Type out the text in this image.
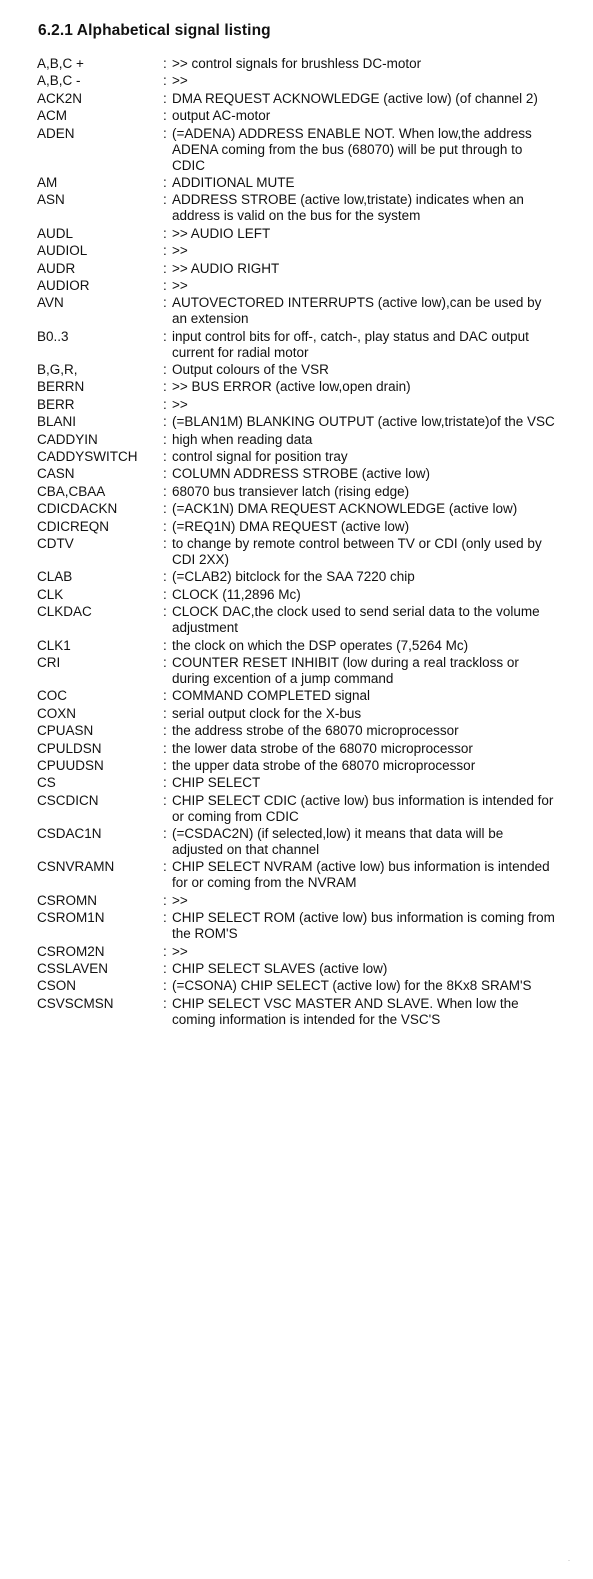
6.2.1 Alphabetical signal listing
A,B,C +	: >> control signals for brushless DC-motor
A,B,C -	: >>
ACK2N	: DMA REQUEST ACKNOWLEDGE (active low) (of channel 2)
ACM	: output AC-motor
ADEN	: (=ADENA) ADDRESS ENABLE NOT. When low,the address ADENA coming from the bus (68070) will be put through to CDIC
AM	: ADDITIONAL MUTE
ASN	: ADDRESS STROBE (active low,tristate) indicates when an address is valid on the bus for the system
AUDL	: >> AUDIO LEFT
AUDIOL	: >>
AUDR	: >> AUDIO RIGHT
AUDIOR	: >>
AVN	: AUTOVECTORED INTERRUPTS (active low),can be used by an extension
B0..3	: input control bits for off-, catch-, play status and DAC output current for radial motor
B,G,R,	: Output colours of the VSR
BERRN	: >> BUS ERROR (active low,open drain)
BERR	: >>
BLANI	: (=BLAN1M) BLANKING OUTPUT (active low,tristate)of the VSC
CADDYIN	: high when reading data
CADDYSWITCH	: control signal for position tray
CASN	: COLUMN ADDRESS STROBE (active low)
CBA,CBAA	: 68070 bus transiever latch (rising edge)
CDICDACKN	: (=ACK1N) DMA REQUEST ACKNOWLEDGE (active low)
CDICREQN	: (=REQ1N) DMA REQUEST (active low)
CDTV	: to change by remote control between TV or CDI (only used by CDI 2XX)
CLAB	: (=CLAB2) bitclock for the SAA 7220 chip
CLK	: CLOCK (11,2896 Mc)
CLKDAC	: CLOCK DAC,the clock used to send serial data to the volume adjustment
CLK1	: the clock on which the DSP operates (7,5264 Mc)
CRI	: COUNTER RESET INHIBIT (low during a real trackloss or during excention of a jump command
COC	: COMMAND COMPLETED signal
COXN	: serial output clock for the X-bus
CPUASN	: the address strobe of the 68070 microprocessor
CPULDSN	: the lower data strobe of the 68070 microprocessor
CPUUDSN	: the upper data strobe of the 68070 microprocessor
CS	: CHIP SELECT
CSCDICN	: CHIP SELECT CDIC (active low) bus information is intended for or coming from CDIC
CSDAC1N	: (=CSDAC2N) (if selected,low) it means that data will be adjusted on that channel
CSNVRAMN	: CHIP SELECT NVRAM (active low) bus information is intended for or coming from the NVRAM
CSROMN	: >>
CSROM1N	: CHIP SELECT ROM (active low) bus information is coming from the ROM'S
CSROM2N	: >>
CSSLAVEN	: CHIP SELECT SLAVES (active low)
CSON	: (=CSONA) CHIP SELECT (active low) for the 8Kx8 SRAM'S
CSVSCMSN	: CHIP SELECT VSC MASTER AND SLAVE. When low the coming information is intended for the VSC'S
·
